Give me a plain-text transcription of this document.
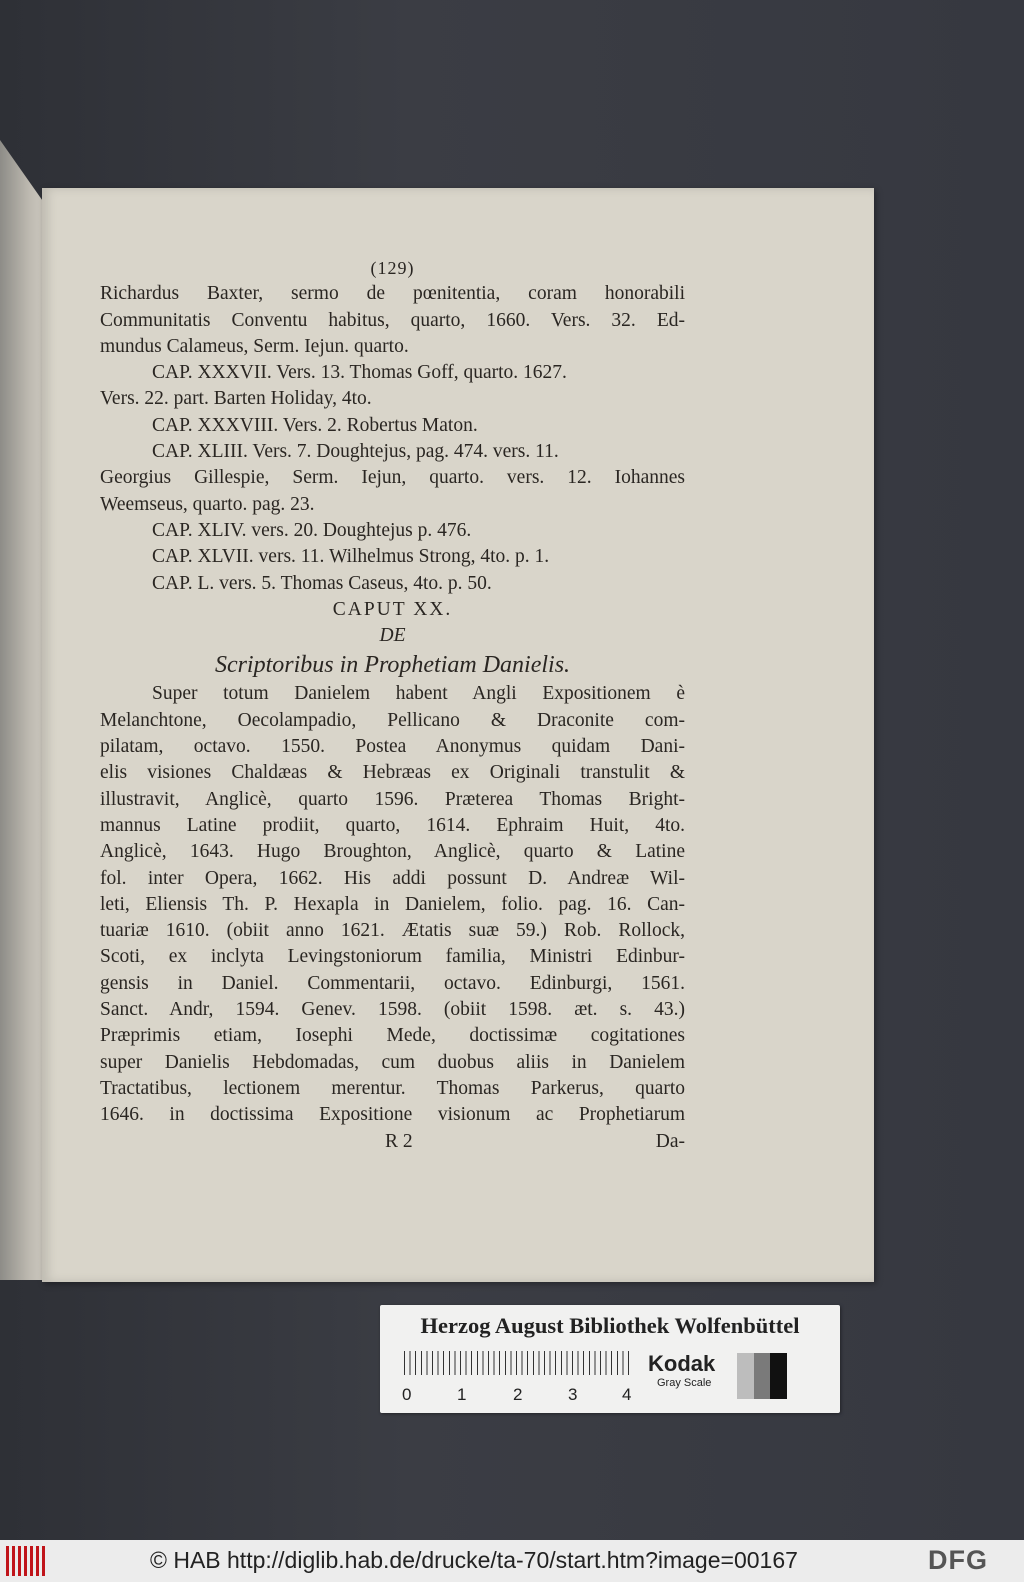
(129)
Richardus Baxter, sermo de pœnitentia, coram honorabili
Communitatis Conventu habitus, quarto, 1660. Vers. 32. Ed-
mundus Calameus, Serm. Iejun. quarto.
CAP. XXXVII. Vers. 13. Thomas Goff, quarto. 1627.
Vers. 22. part. Barten Holiday, 4to.
CAP. XXXVIII. Vers. 2. Robertus Maton.
CAP. XLIII. Vers. 7. Doughtejus, pag. 474. vers. 11.
Georgius Gillespie, Serm. Iejun, quarto. vers. 12. Iohannes
Weemseus, quarto. pag. 23.
CAP. XLIV. vers. 20. Doughtejus p. 476.
CAP. XLVII. vers. 11. Wilhelmus Strong, 4to. p. 1.
CAP. L. vers. 5. Thomas Caseus, 4to. p. 50.
CAPUT XX.
DE
Scriptoribus in Prophetiam Danielis.
Super totum Danielem habent Angli Expositionem è
Melanchtone, Oecolampadio, Pellicano & Draconite com-
pilatam, octavo. 1550. Postea Anonymus quidam Dani-
elis visiones Chaldæas & Hebræas ex Originali transtulit &
illustravit, Anglicè, quarto 1596. Præterea Thomas Bright-
mannus Latine prodiit, quarto, 1614. Ephraim Huit, 4to.
Anglicè, 1643. Hugo Broughton, Anglicè, quarto & Latine
fol. inter Opera, 1662. His addi possunt D. Andreæ Wil-
leti, Eliensis Th. P. Hexapla in Danielem, folio. pag. 16. Can-
tuariæ 1610. (obiit anno 1621. Ætatis suæ 59.) Rob. Rollock,
Scoti, ex inclyta Levingstoniorum familia, Ministri Edinbur-
gensis in Daniel. Commentarii, octavo. Edinburgi, 1561.
Sanct. Andr, 1594. Genev. 1598. (obiit 1598. æt. s. 43.)
Præprimis etiam, Iosephi Mede, doctissimæ cogitationes
super Danielis Hebdomadas, cum duobus aliis in Danielem
Tractatibus, lectionem merentur. Thomas Parkerus, quarto
1646. in doctissima Expositione visionum ac Prophetiarum
R 2	Da-
Herzog August Bibliothek Wolfenbüttel
0	1	2	3	4
Kodak
Gray Scale
© HAB http://diglib.hab.de/drucke/ta-70/start.htm?image=00167	DFG
